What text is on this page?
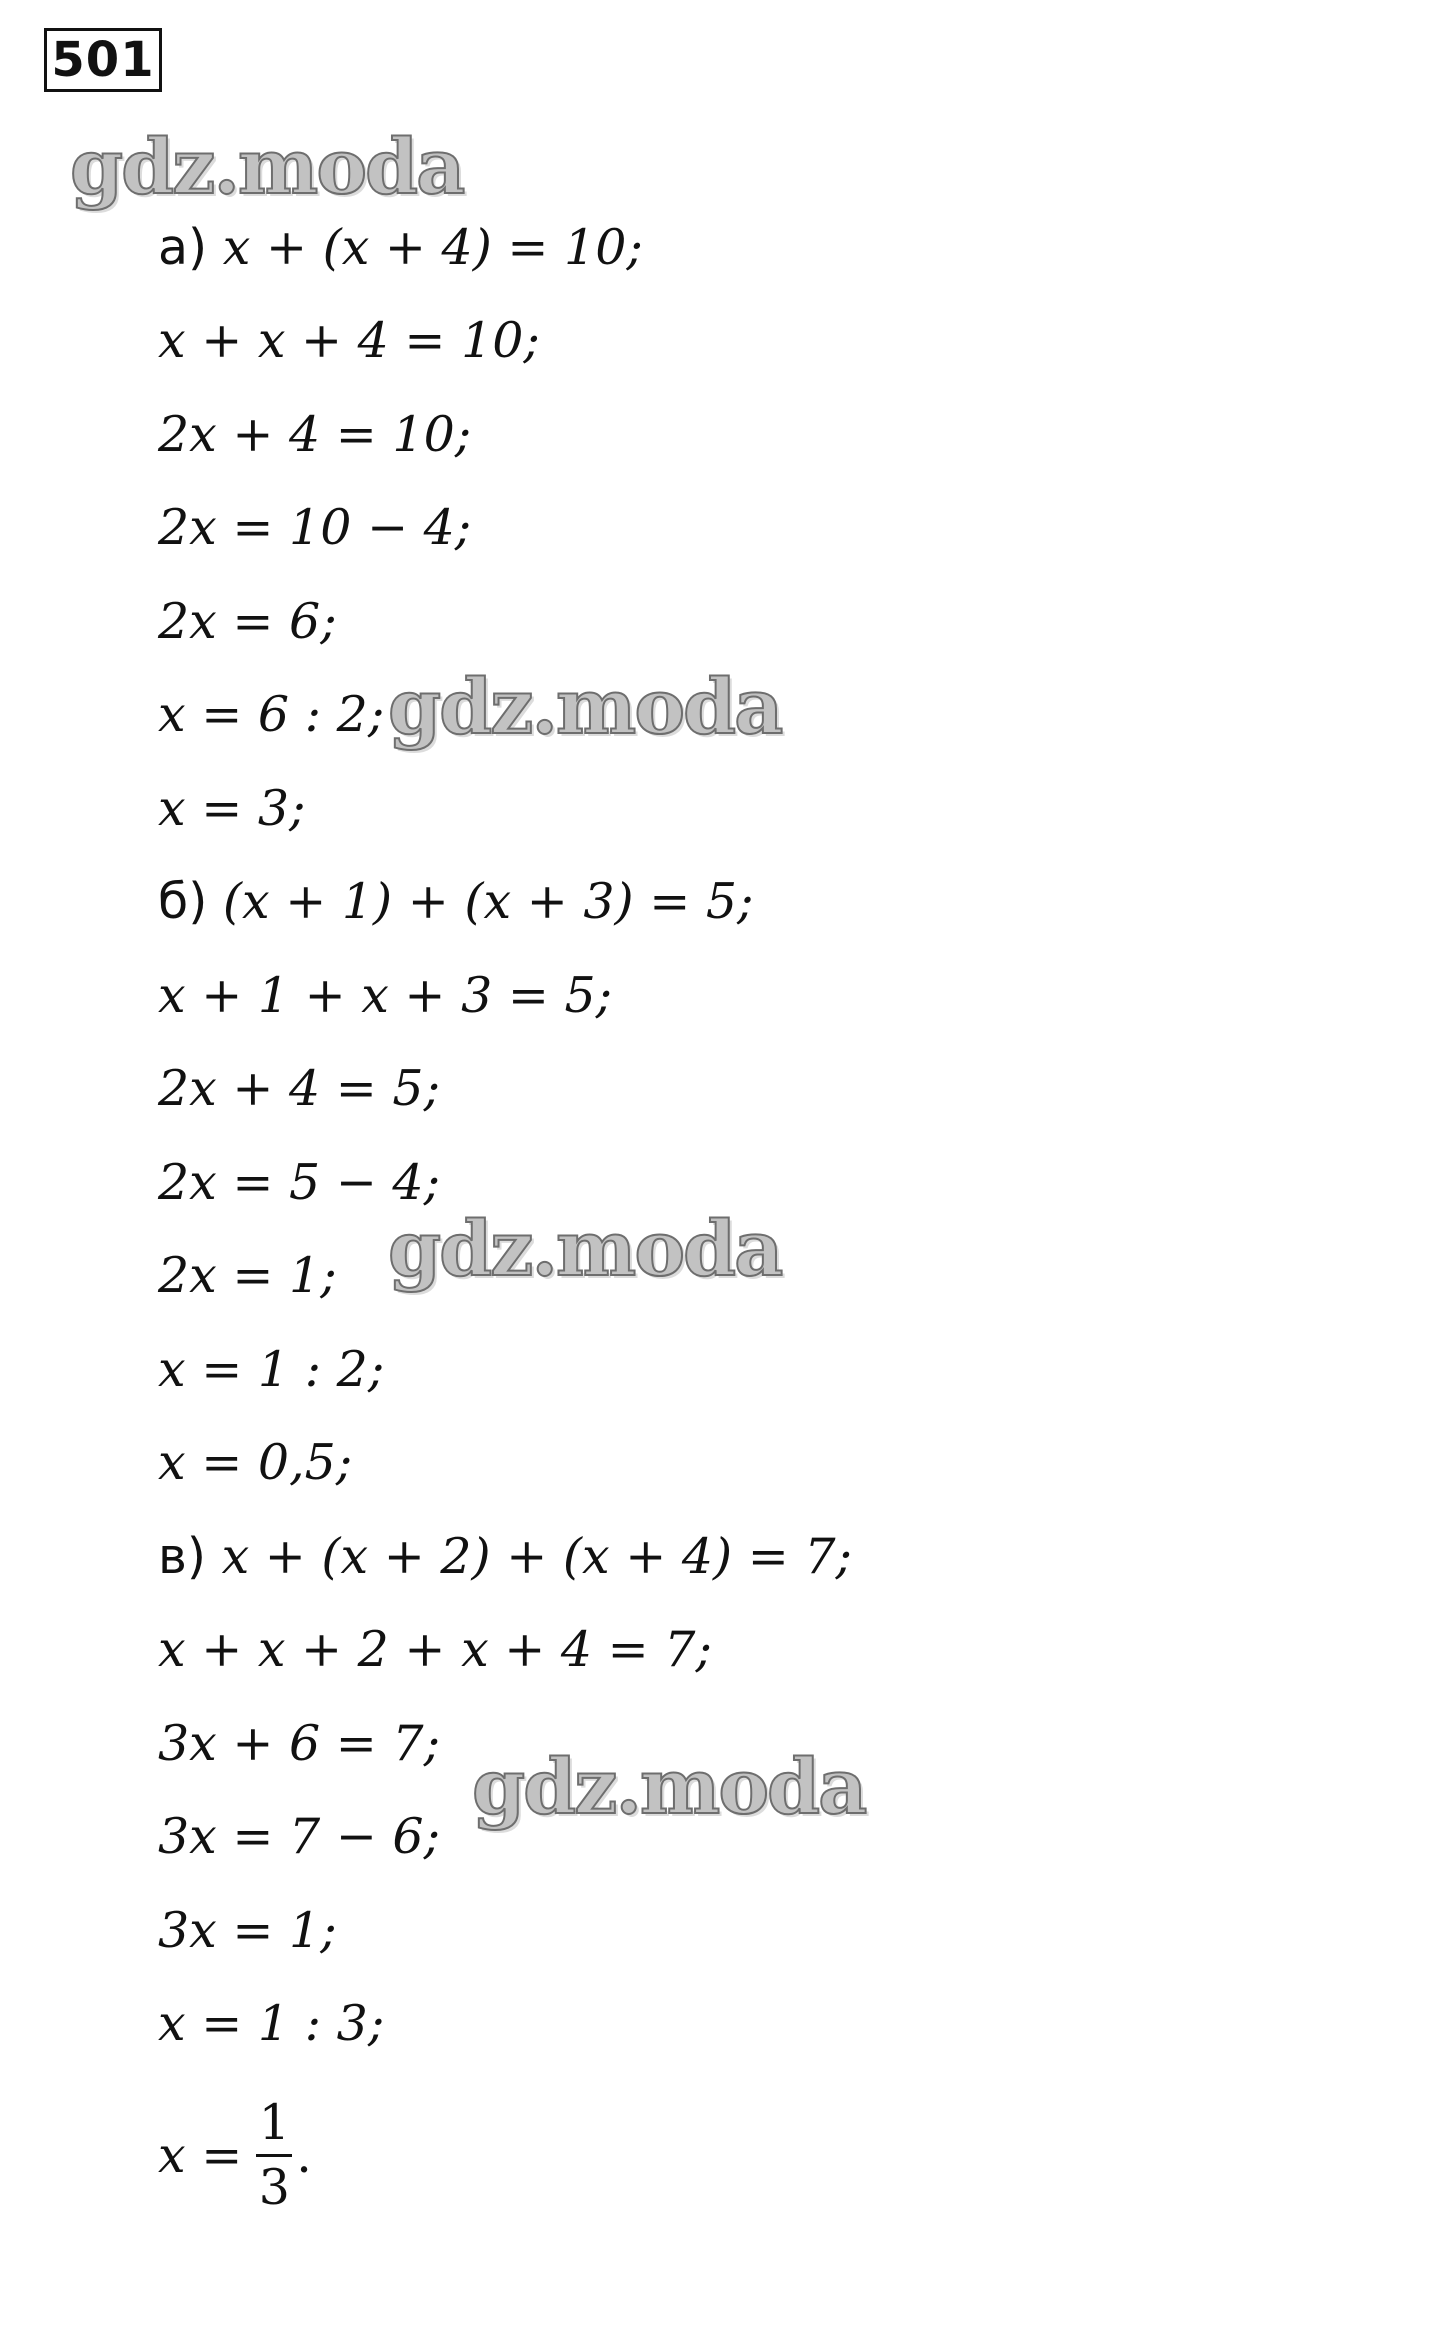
501
gdz.moda
gdz.moda
gdz.moda
gdz.moda
а) x + (x + 4) = 10;
x + x + 4 = 10;
2x + 4 = 10;
2x = 10 − 4;
2x = 6;
x = 6 : 2;
x = 3;
б) (x + 1) + (x + 3) = 5;
x + 1 + x + 3 = 5;
2x + 4 = 5;
2x = 5 − 4;
2x = 1;
x = 1 : 2;
x = 0,5;
в) x + (x + 2) + (x + 4) = 7;
x + x + 2 + x + 4 = 7;
3x + 6 = 7;
3x = 7 − 6;
3x = 1;
x = 1 : 3;
$x = \frac{1}{3}$ .
